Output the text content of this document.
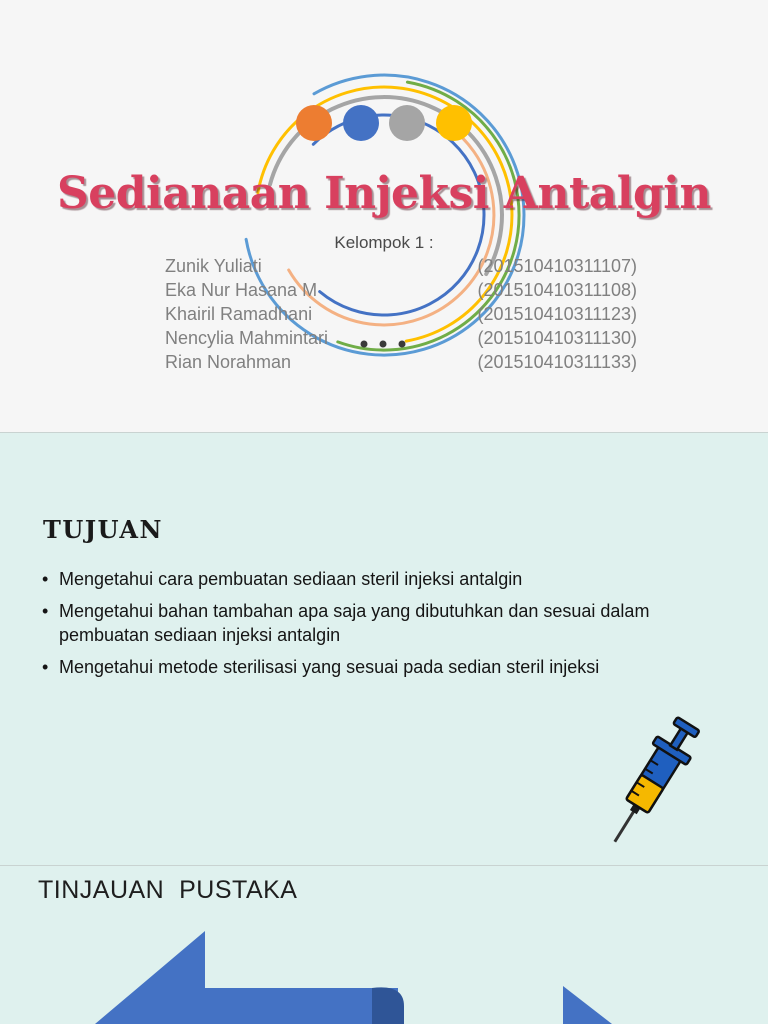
Sedianaan Injeksi Antalgin
Kelompok 1 :
Zunik Yuliati	(201510410311107)
Eka Nur Hasana M	(201510410311108)
Khairil Ramadhani	(201510410311123)
Nencylia Mahmintari	(201510410311130)
Rian Norahman	(201510410311133)
TUJUAN
• Mengetahui cara pembuatan sediaan steril injeksi antalgin
• Mengetahui bahan tambahan apa saja yang dibutuhkan dan sesuai dalam pembuatan sediaan injeksi antalgin
• Mengetahui metode sterilisasi yang sesuai pada sedian steril injeksi
TINJAUAN  PUSTAKA
